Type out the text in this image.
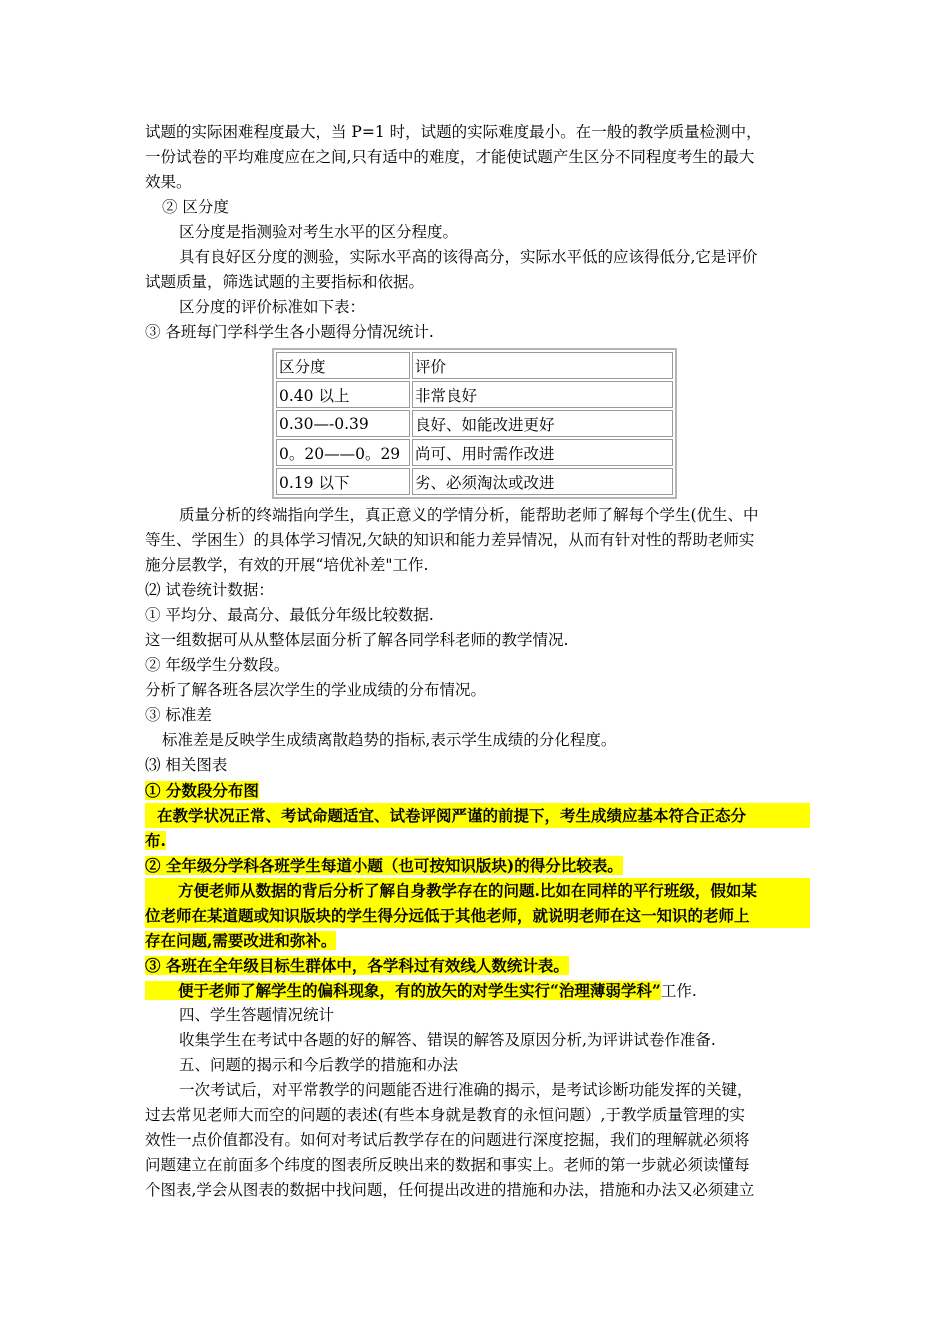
试题的实际困难程度最大，当 P=1 时，试题的实际难度最小。在一般的教学质量检测中，
一份试卷的平均难度应在之间,只有适中的难度，才能使试题产生区分不同程度考生的最大
效果。
② 区分度
区分度是指测验对考生水平的区分程度。
具有良好区分度的测验，实际水平高的该得高分，实际水平低的应该得低分,它是评价
试题质量，筛选试题的主要指标和依据。
区分度的评价标准如下表：
③ 各班每门学科学生各小题得分情况统计.
质量分析的终端指向学生，真正意义的学情分析，能帮助老师了解每个学生(优生、中
等生、学困生）的具体学习情况,欠缺的知识和能力差异情况，从而有针对性的帮助老师实
施分层教学，有效的开展“培优补差"工作.
⑵ 试卷统计数据：
① 平均分、最高分、最低分年级比较数据.
这一组数据可从从整体层面分析了解各同学科老师的教学情况.
② 年级学生分数段。
分析了解各班各层次学生的学业成绩的分布情况。
③ 标准差
标准差是反映学生成绩离散趋势的指标,表示学生成绩的分化程度。
⑶ 相关图表
① 分数段分布图
在教学状况正常、考试命题适宜、试卷评阅严谨的前提下，考生成绩应基本符合正态分
布.
② 全年级分学科各班学生每道小题（也可按知识版块)的得分比较表。
方便老师从数据的背后分析了解自身教学存在的问题.比如在同样的平行班级，假如某
位老师在某道题或知识版块的学生得分远低于其他老师，就说明老师在这一知识的老师上
存在问题,需要改进和弥补。
③ 各班在全年级目标生群体中，各学科过有效线人数统计表。
便于老师了解学生的偏科现象，有的放矢的对学生实行“治理薄弱学科”工作.
四、学生答题情况统计
收集学生在考试中各题的好的解答、错误的解答及原因分析,为评讲试卷作准备.
五、问题的揭示和今后教学的措施和办法
一次考试后，对平常教学的问题能否进行准确的揭示，是考试诊断功能发挥的关键，
过去常见老师大而空的问题的表述(有些本身就是教育的永恒问题）,于教学质量管理的实
效性一点价值都没有。如何对考试后教学存在的问题进行深度挖掘，我们的理解就必须将
问题建立在前面多个纬度的图表所反映出来的数据和事实上。老师的第一步就必须读懂每
个图表,学会从图表的数据中找问题，任何提出改进的措施和办法，措施和办法又必须建立
区分度	评价
0.40 以上	非常良好
0.30—-0.39	良好、如能改进更好
0。20——0。29	尚可、用时需作改进
0.19 以下	劣、必须淘汰或改进
